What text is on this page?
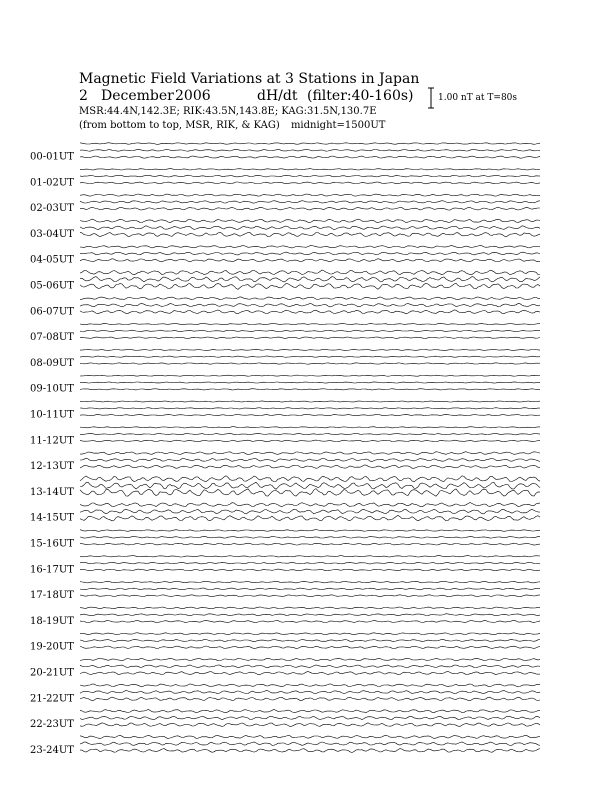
Magnetic Field Variations at 3 Stations in Japan
2 December 2006	dH/dt (filter:40-160s)
MSR:44.4N,142.3E; RIK:43.5N,143.8E; KAG:31.5N,130.7E
(from bottom to top, MSR, RIK, & KAG) midnight=1500UT
1.00 nT at T=80s
00-01UT
01-02UT
02-03UT
03-04UT
04-05UT
05-06UT
06-07UT
07-08UT
08-09UT
09-10UT
10-11UT
11-12UT
12-13UT
13-14UT
14-15UT
15-16UT
16-17UT
17-18UT
18-19UT
19-20UT
20-21UT
21-22UT
22-23UT
23-24UT
